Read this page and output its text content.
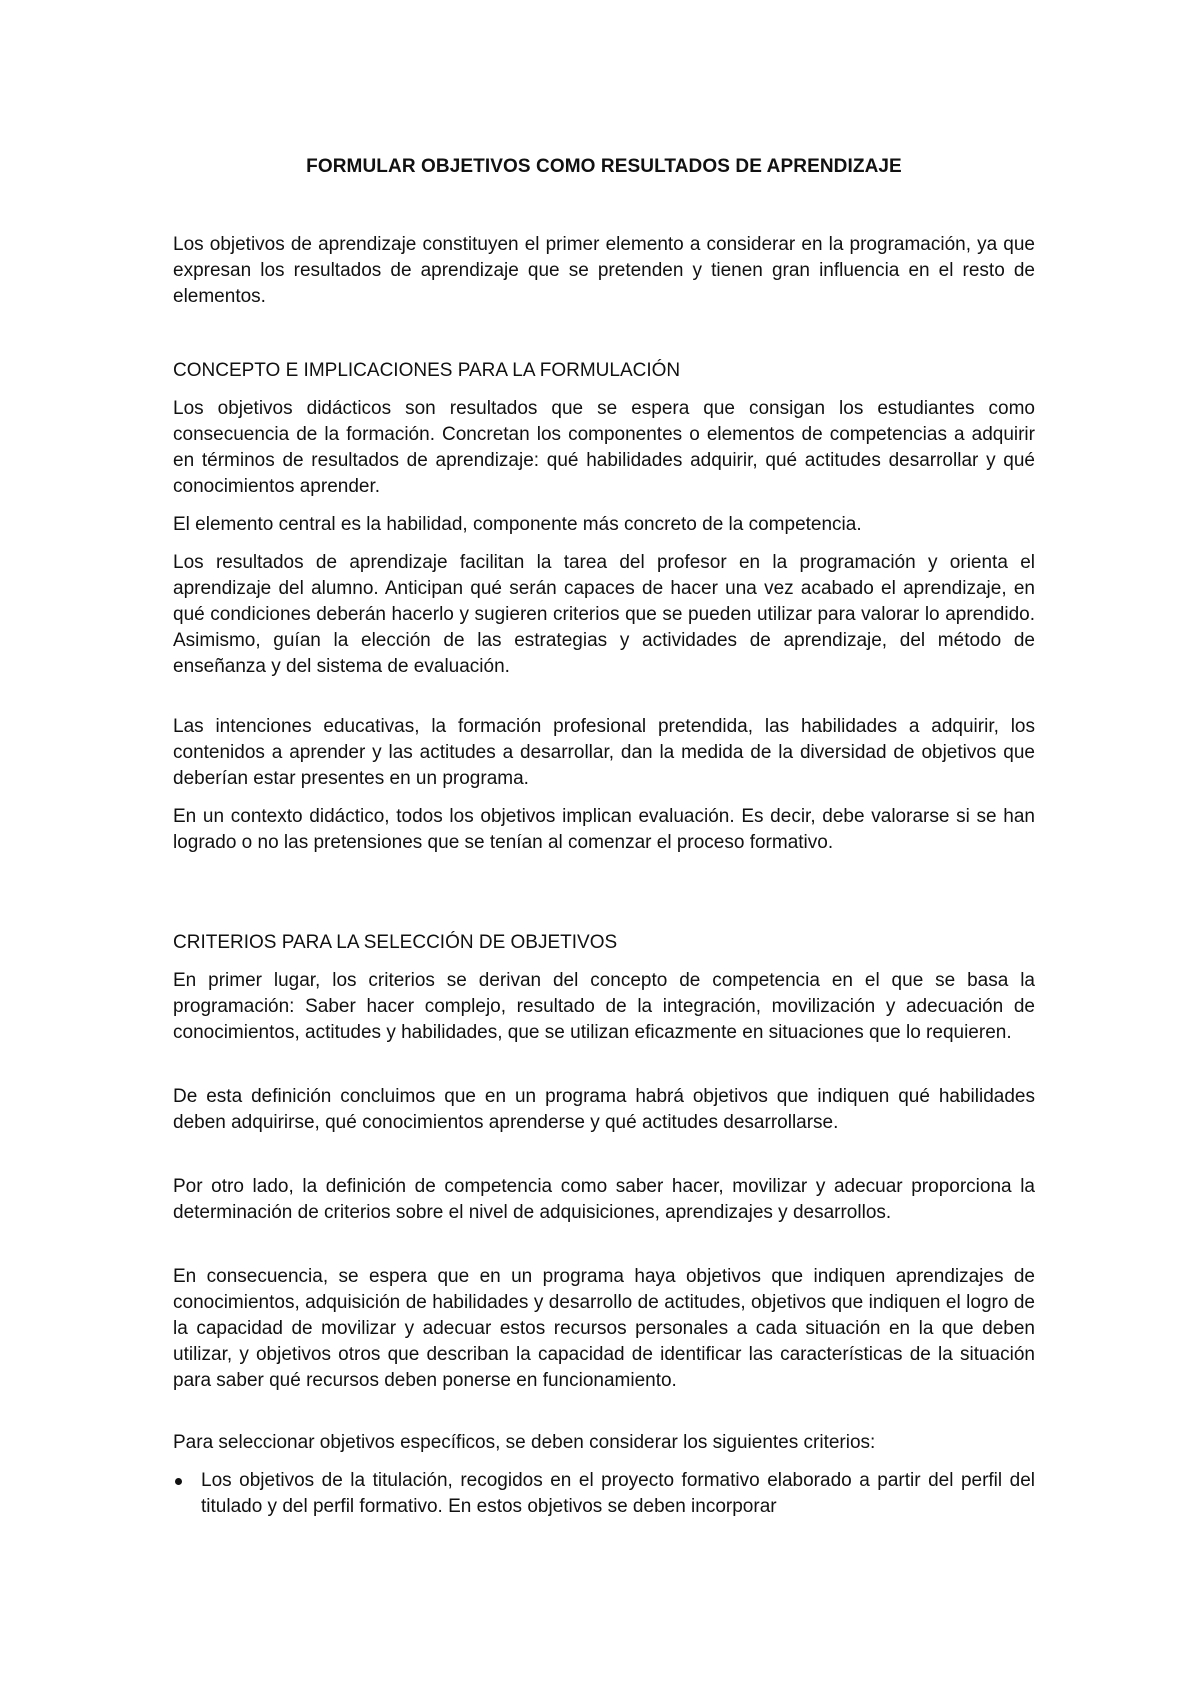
FORMULAR OBJETIVOS COMO RESULTADOS DE APRENDIZAJE

Los objetivos de aprendizaje constituyen el primer elemento a considerar en la programación, ya que expresan los resultados de aprendizaje que se pretenden y tienen gran influencia en el resto de elementos.

CONCEPTO E IMPLICACIONES PARA LA FORMULACIÓN

Los objetivos didácticos son resultados que se espera que consigan los estudiantes como consecuencia de la formación. Concretan los componentes o elementos de competencias a adquirir en términos de resultados de aprendizaje: qué habilidades adquirir, qué actitudes desarrollar y qué conocimientos aprender.

El elemento central es la habilidad, componente más concreto de la competencia.

Los resultados de aprendizaje facilitan la tarea del profesor en la programación y orienta el aprendizaje del alumno. Anticipan qué serán capaces de hacer una vez acabado el aprendizaje, en qué condiciones deberán hacerlo y sugieren criterios que se pueden utilizar para valorar lo aprendido. Asimismo, guían la elección de las estrategias y actividades de aprendizaje, del método de enseñanza y del sistema de evaluación.

Las intenciones educativas, la formación profesional pretendida, las habilidades a adquirir, los contenidos a aprender y las actitudes a desarrollar, dan la medida de la diversidad de objetivos que deberían estar presentes en un programa.

En un contexto didáctico, todos los objetivos implican evaluación. Es decir, debe valorarse si se han logrado o no las pretensiones que se tenían al comenzar el proceso formativo.

CRITERIOS PARA LA SELECCIÓN DE OBJETIVOS

En primer lugar, los criterios se derivan del concepto de competencia en el que se basa la programación: Saber hacer complejo, resultado de la integración, movilización y adecuación de conocimientos, actitudes y habilidades, que se utilizan eficazmente en situaciones que lo requieren.

De esta definición concluimos que en un programa habrá objetivos que indiquen qué habilidades deben adquirirse, qué conocimientos aprenderse y qué actitudes desarrollarse.

Por otro lado, la definición de competencia como saber hacer, movilizar y adecuar proporciona la determinación de criterios sobre el nivel de adquisiciones, aprendizajes y desarrollos.

En consecuencia, se espera que en un programa haya objetivos que indiquen aprendizajes de conocimientos, adquisición de habilidades y desarrollo de actitudes, objetivos que indiquen el logro de la capacidad de movilizar y adecuar estos recursos personales a cada situación en la que deben utilizar, y objetivos otros que describan la capacidad de identificar las características de la situación para saber qué recursos deben ponerse en funcionamiento.

Para seleccionar objetivos específicos, se deben considerar los siguientes criterios:

Los objetivos de la titulación, recogidos en el proyecto formativo elaborado a partir del perfil del titulado y del perfil formativo. En estos objetivos se deben incorporar
